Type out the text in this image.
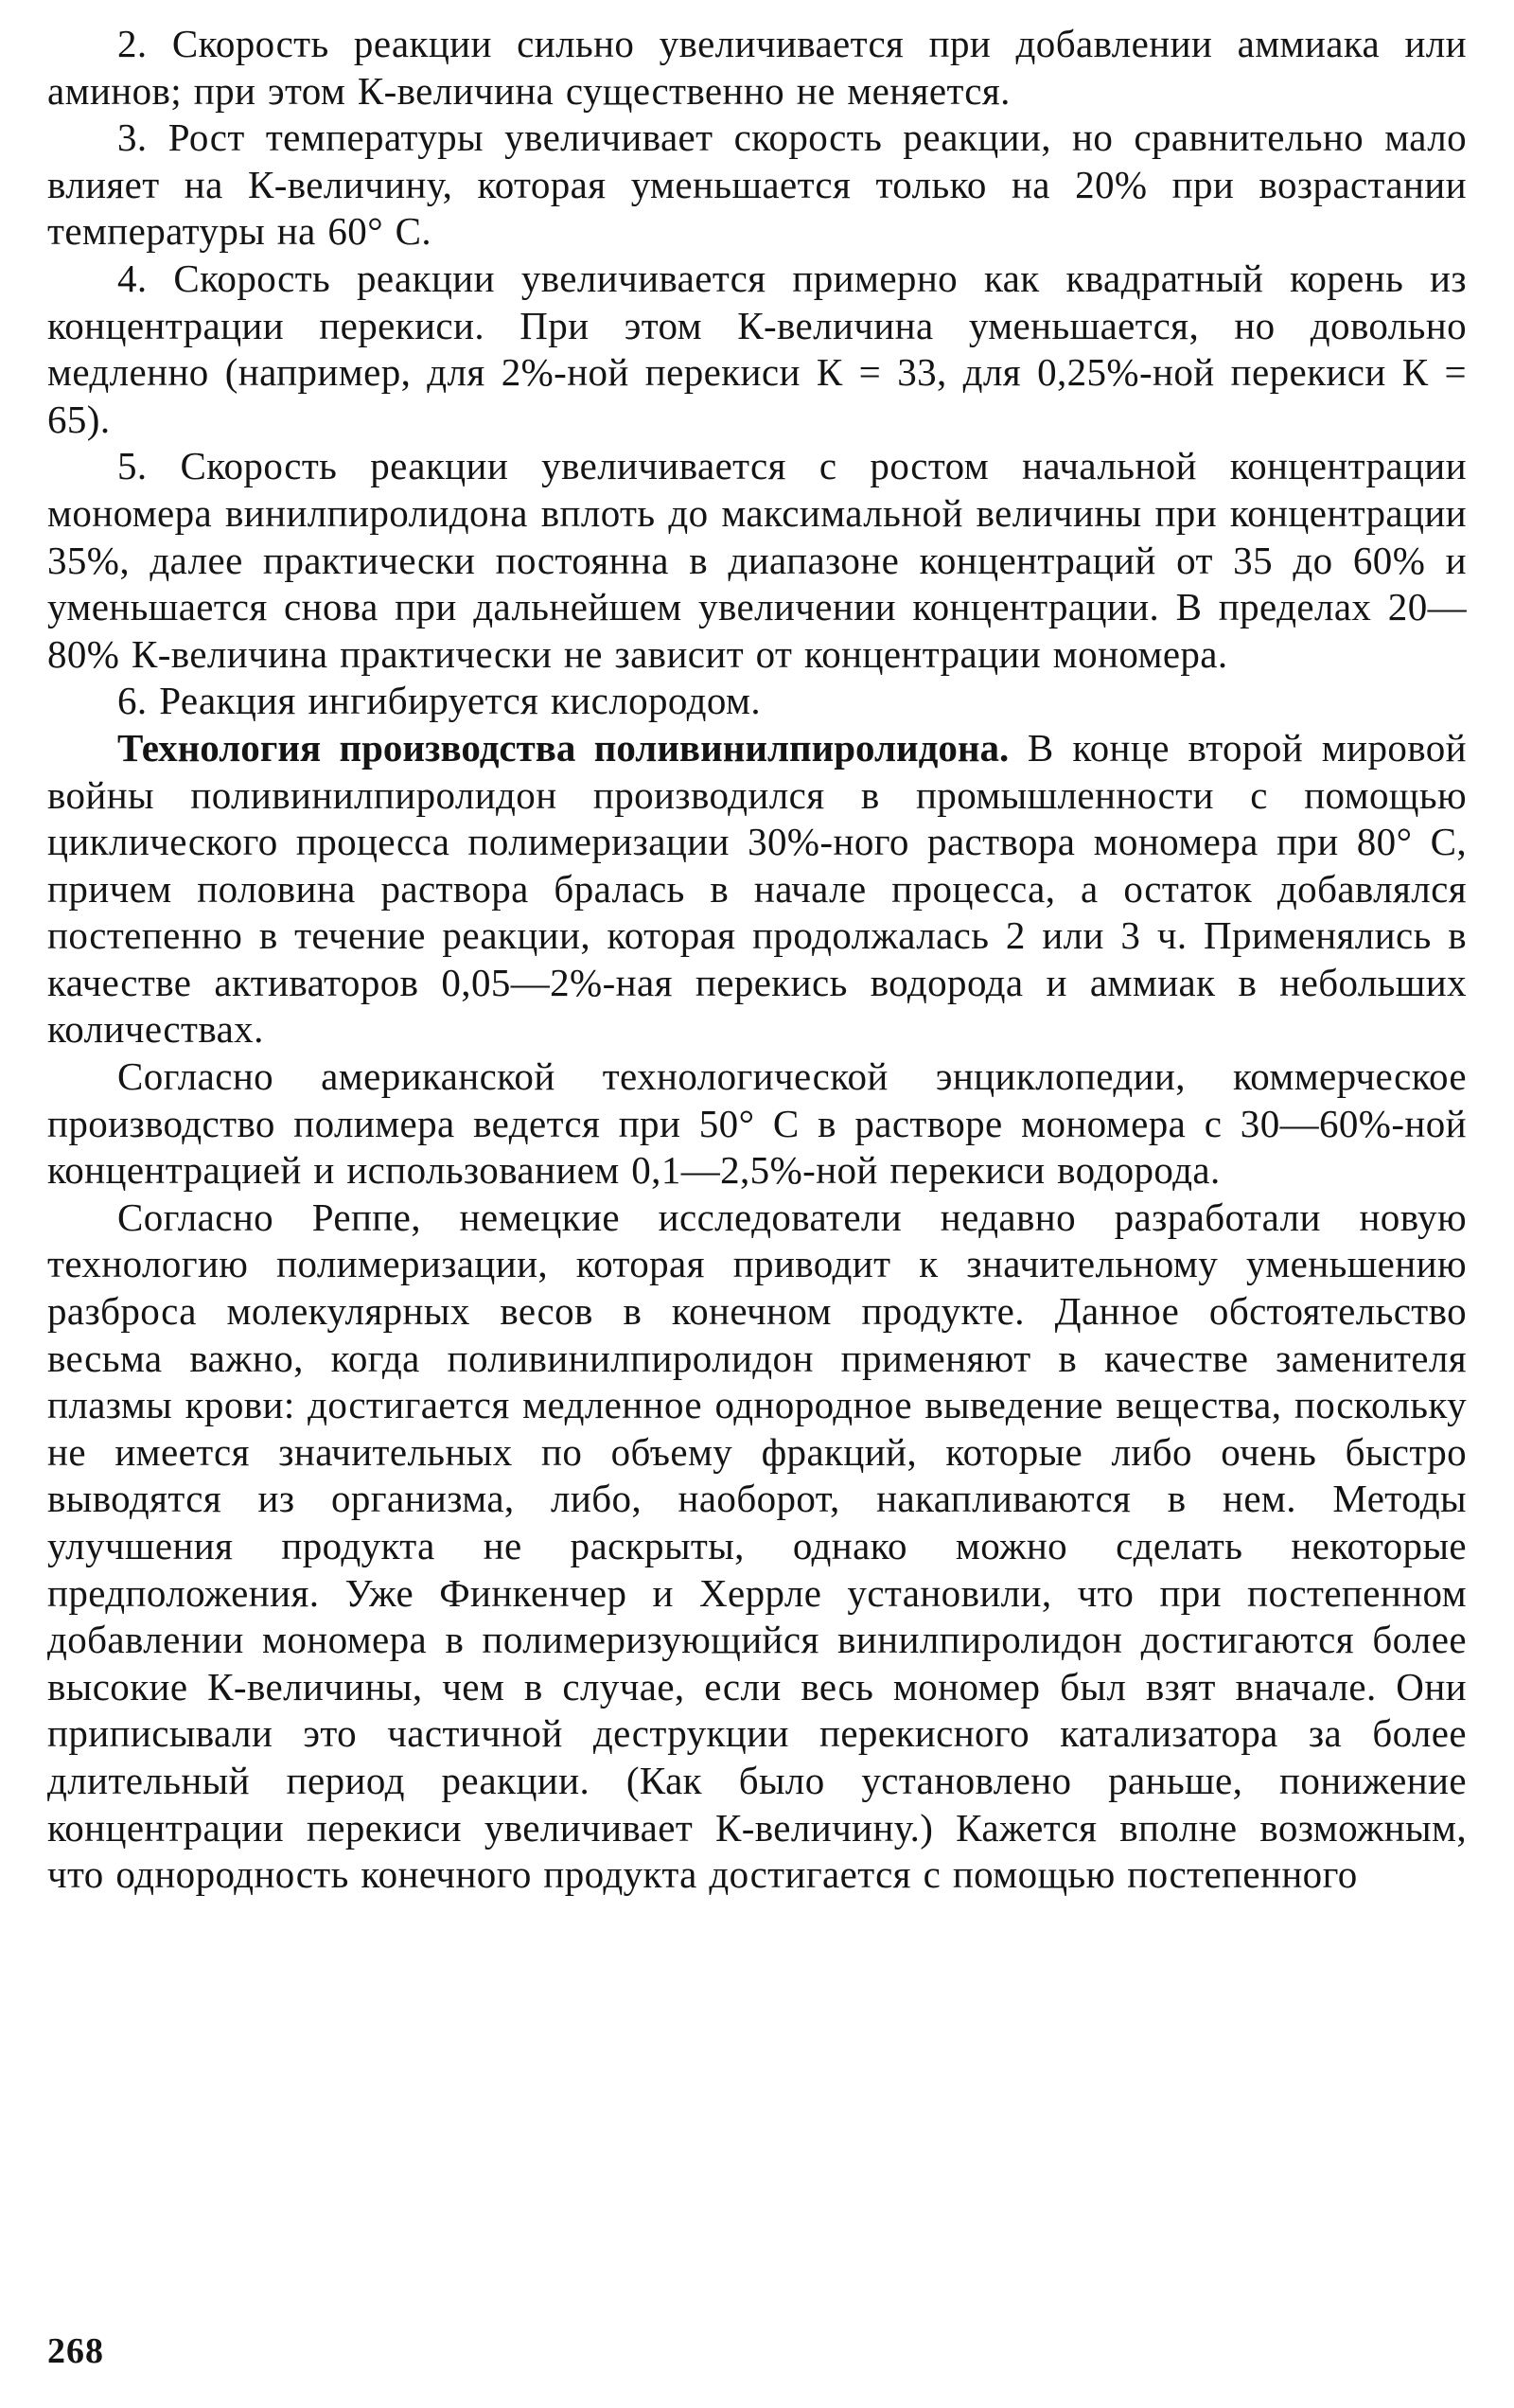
2. Скорость реакции сильно увеличивается при добавлении аммиака или аминов; при этом К-величина существенно не меняется.

3. Рост температуры увеличивает скорость реакции, но сравнительно мало влияет на К-величину, которая уменьшается только на 20% при возрастании температуры на 60° С.

4. Скорость реакции увеличивается примерно как квадратный корень из концентрации перекиси. При этом К-величина уменьшается, но довольно медленно (например, для 2%-ной перекиси К = 33, для 0,25%-ной перекиси К = 65).

5. Скорость реакции увеличивается с ростом начальной концентрации мономера винилпиролидона вплоть до максимальной величины при концентрации 35%, далее практически постоянна в диапазоне концентраций от 35 до 60% и уменьшается снова при дальнейшем увеличении концентрации. В пределах 20—80% К-величина практически не зависит от концентрации мономера.

6. Реакция ингибируется кислородом.

Технология производства поливинилпиролидона. В конце второй мировой войны поливинилпиролидон производился в промышленности с помощью циклического процесса полимеризации 30%-ного раствора мономера при 80° С, причем половина раствора бралась в начале процесса, а остаток добавлялся постепенно в течение реакции, которая продолжалась 2 или 3 ч. Применялись в качестве активаторов 0,05—2%-ная перекись водорода и аммиак в небольших количествах.

Согласно американской технологической энциклопедии, коммерческое производство полимера ведется при 50° С в растворе мономера с 30—60%-ной концентрацией и использованием 0,1—2,5%-ной перекиси водорода.

Согласно Реппе, немецкие исследователи недавно разработали новую технологию полимеризации, которая приводит к значительному уменьшению разброса молекулярных весов в конечном продукте. Данное обстоятельство весьма важно, когда поливинилпиролидон применяют в качестве заменителя плазмы крови: достигается медленное однородное выведение вещества, поскольку не имеется значительных по объему фракций, которые либо очень быстро выводятся из организма, либо, наоборот, накапливаются в нем. Методы улучшения продукта не раскрыты, однако можно сделать некоторые предположения. Уже Финкенчер и Херрле установили, что при постепенном добавлении мономера в полимеризующийся винилпиролидон достигаются более высокие К-величины, чем в случае, если весь мономер был взят вначале. Они приписывали это частичной деструкции перекисного катализатора за более длительный период реакции. (Как было установлено раньше, понижение концентрации перекиси увеличивает К-величину.) Кажется вполне возможным, что однородность конечного продукта достигается с помощью постепенного

268
